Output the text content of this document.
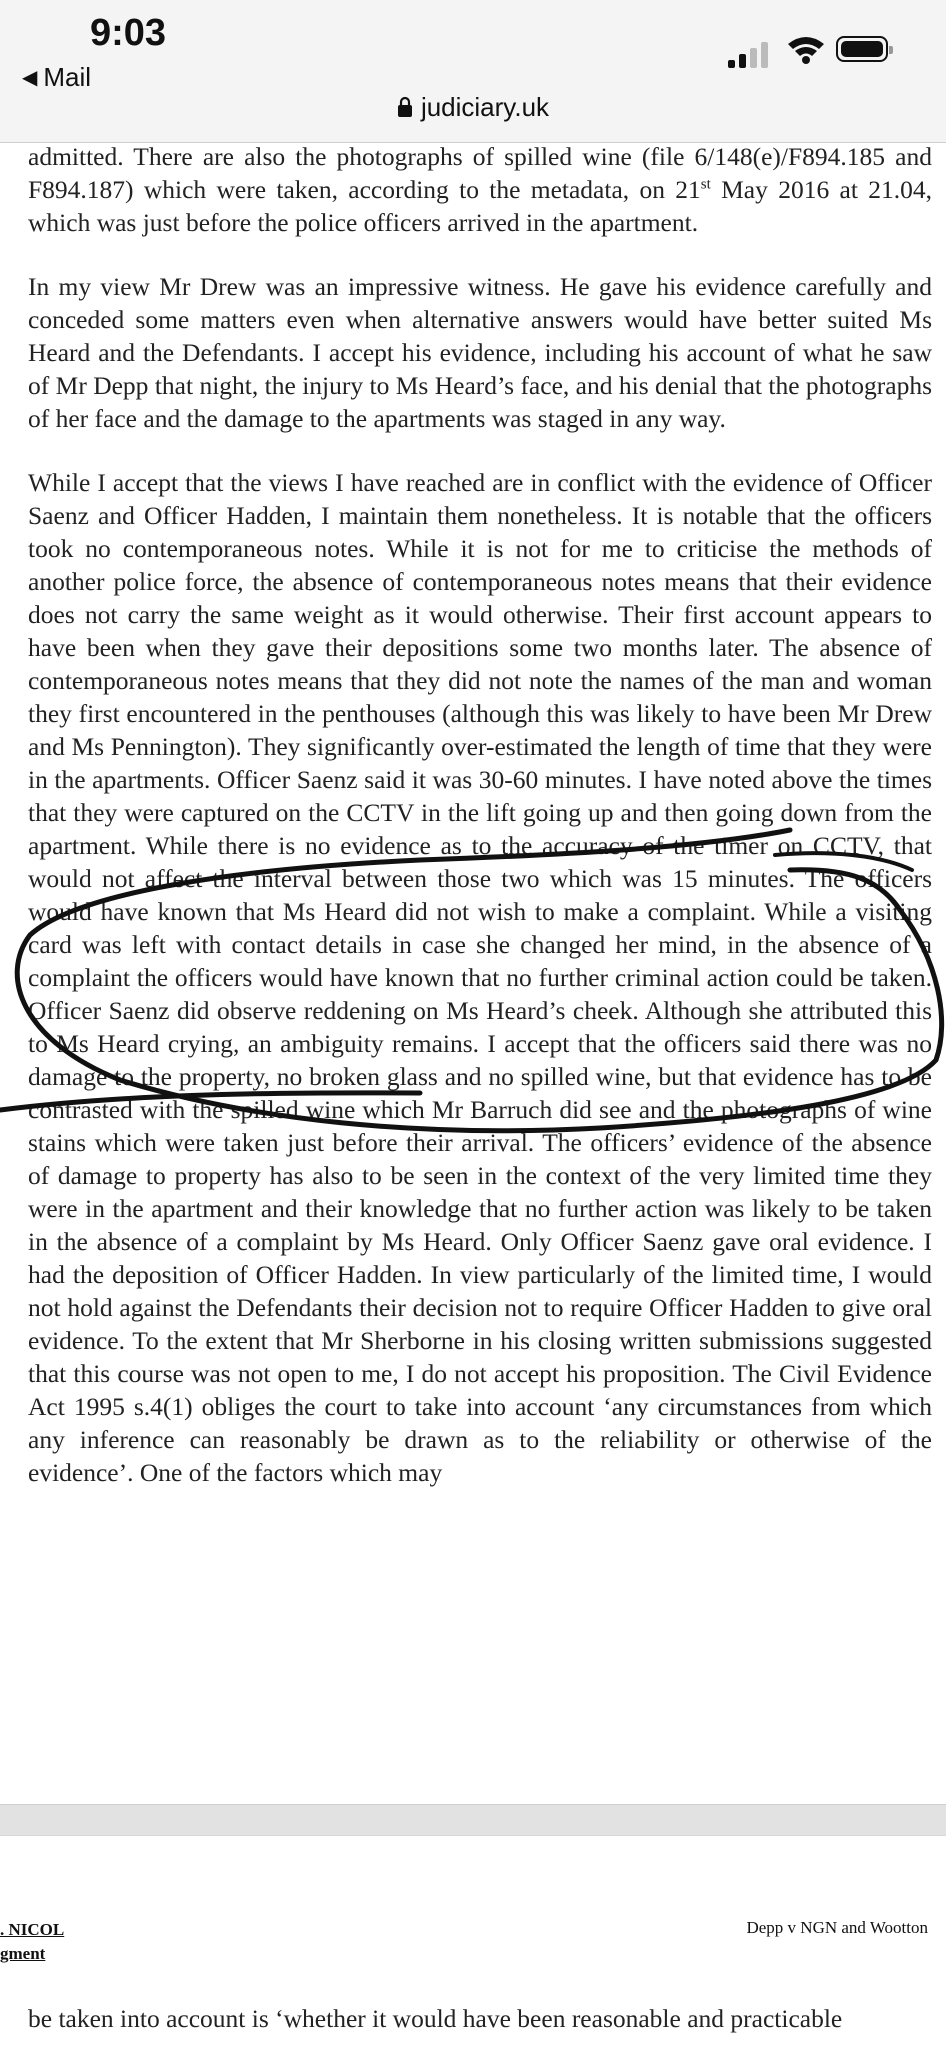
9:03
◀ Mail
judiciary.uk

admitted. There are also the photographs of spilled wine (file 6/148(e)/F894.185 and F894.187) which were taken, according to the metadata, on 21st May 2016 at 21.04, which was just before the police officers arrived in the apartment.

In my view Mr Drew was an impressive witness. He gave his evidence carefully and conceded some matters even when alternative answers would have better suited Ms Heard and the Defendants. I accept his evidence, including his account of what he saw of Mr Depp that night, the injury to Ms Heard’s face, and his denial that the photographs of her face and the damage to the apartments was staged in any way.

While I accept that the views I have reached are in conflict with the evidence of Officer Saenz and Officer Hadden, I maintain them nonetheless. It is notable that the officers took no contemporaneous notes. While it is not for me to criticise the methods of another police force, the absence of contemporaneous notes means that their evidence does not carry the same weight as it would otherwise. Their first account appears to have been when they gave their depositions some two months later. The absence of contemporaneous notes means that they did not note the names of the man and woman they first encountered in the penthouses (although this was likely to have been Mr Drew and Ms Pennington). They significantly over-estimated the length of time that they were in the apartments. Officer Saenz said it was 30-60 minutes. I have noted above the times that they were captured on the CCTV in the lift going up and then going down from the apartment. While there is no evidence as to the accuracy of the timer on CCTV, that would not affect the interval between those two which was 15 minutes. The officers would have known that Ms Heard did not wish to make a complaint. While a visiting card was left with contact details in case she changed her mind, in the absence of a complaint the officers would have known that no further criminal action could be taken. Officer Saenz did observe reddening on Ms Heard’s cheek. Although she attributed this to Ms Heard crying, an ambiguity remains. I accept that the officers said there was no damage to the property, no broken glass and no spilled wine, but that evidence has to be contrasted with the spilled wine which Mr Barruch did see and the photographs of wine stains which were taken just before their arrival. The officers’ evidence of the absence of damage to property has also to be seen in the context of the very limited time they were in the apartment and their knowledge that no further action was likely to be taken in the absence of a complaint by Ms Heard. Only Officer Saenz gave oral evidence. I had the deposition of Officer Hadden. In view particularly of the limited time, I would not hold against the Defendants their decision not to require Officer Hadden to give oral evidence. To the extent that Mr Sherborne in his closing written submissions suggested that this course was not open to me, I do not accept his proposition. The Civil Evidence Act 1995 s.4(1) obliges the court to take into account ‘any circumstances from which any inference can reasonably be drawn as to the reliability or otherwise of the evidence’. One of the factors which may

. NICOL
gment
Depp v NGN and Wootton
be taken into account is ‘whether it would have been reasonable and practicable
